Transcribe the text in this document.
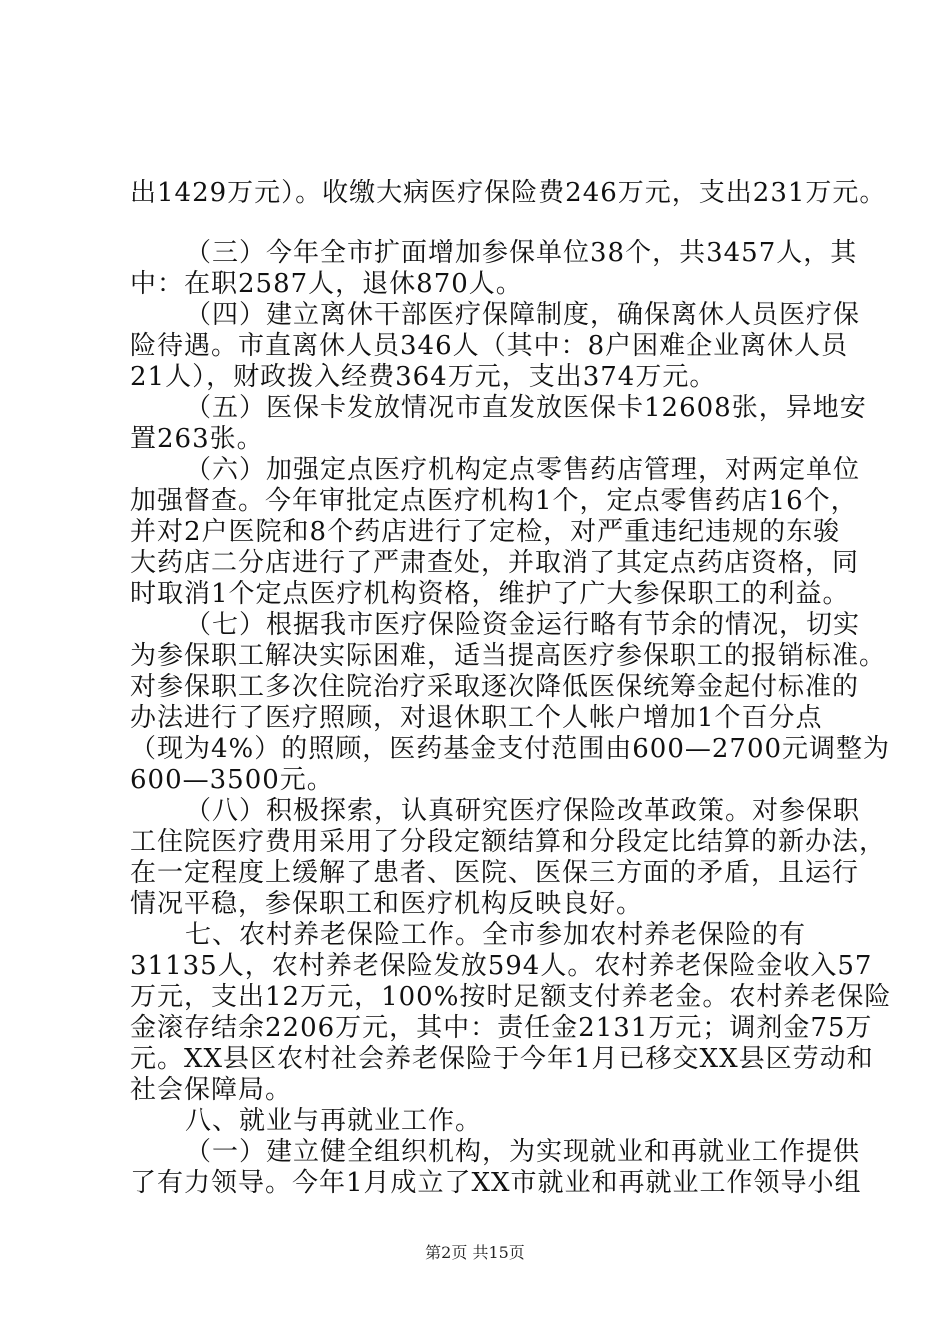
出1429万元）。收缴大病医疗保险费246万元，支出231万元。
（三）今年全市扩面增加参保单位38个，共3457人，其
中：在职2587人，退休870人。
（四）建立离休干部医疗保障制度，确保离休人员医疗保
险待遇。市直离休人员346人（其中：8户困难企业离休人员
21人），财政拨入经费364万元，支出374万元。
（五）医保卡发放情况市直发放医保卡12608张，异地安
置263张。
（六）加强定点医疗机构定点零售药店管理，对两定单位
加强督查。今年审批定点医疗机构1个，定点零售药店16个，
并对2户医院和8个药店进行了定检，对严重违纪违规的东骏
大药店二分店进行了严肃查处，并取消了其定点药店资格，同
时取消1个定点医疗机构资格，维护了广大参保职工的利益。
（七）根据我市医疗保险资金运行略有节余的情况，切实
为参保职工解决实际困难，适当提高医疗参保职工的报销标准。
对参保职工多次住院治疗采取逐次降低医保统筹金起付标准的
办法进行了医疗照顾，对退休职工个人帐户增加1个百分点
（现为4%）的照顾，医药基金支付范围由600—2700元调整为
600—3500元。
（八）积极探索，认真研究医疗保险改革政策。对参保职
工住院医疗费用采用了分段定额结算和分段定比结算的新办法，
在一定程度上缓解了患者、医院、医保三方面的矛盾，且运行
情况平稳，参保职工和医疗机构反映良好。
七、农村养老保险工作。全市参加农村养老保险的有
31135人，农村养老保险发放594人。农村养老保险金收入57
万元，支出12万元，100%按时足额支付养老金。农村养老保险
金滚存结余2206万元，其中：责任金2131万元；调剂金75万
元。XX县区农村社会养老保险于今年1月已移交XX县区劳动和
社会保障局。
八、就业与再就业工作。
（一）建立健全组织机构，为实现就业和再就业工作提供
了有力领导。今年1月成立了XX市就业和再就业工作领导小组
第2页 共15页
